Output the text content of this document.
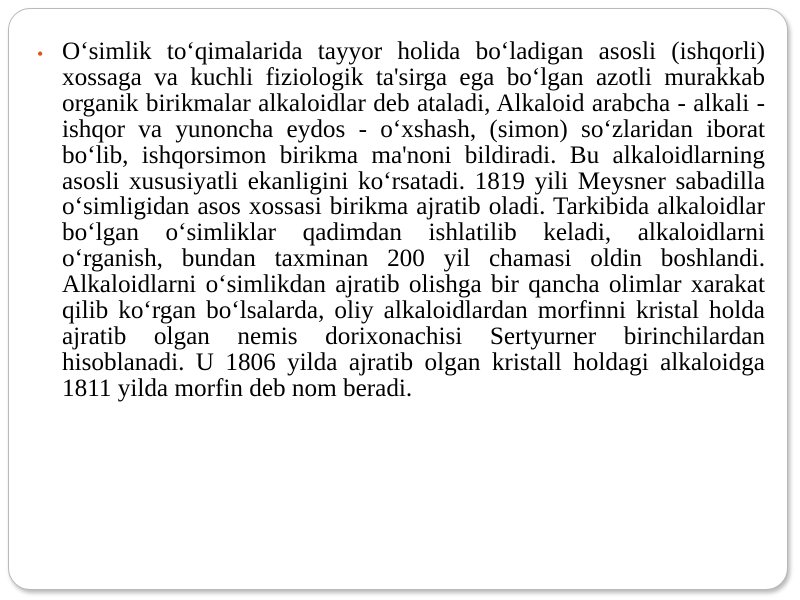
• O‘simlik to‘qimalarida tayyor holida bo‘ladigan asosli (ishqorli) xossaga va kuchli fiziologik ta'sirga ega bo‘lgan azotli murakkab organik birikmalar alkaloidlar deb ataladi, Alkaloid arabcha - alkali - ishqor va yunoncha eydos - o‘xshash, (simon) so‘zlaridan iborat bo‘lib, ishqorsimon birikma ma'noni bildiradi. Bu alkaloidlarning asosli xususiyatli ekanligini ko‘rsatadi. 1819 yili Meysner sabadilla o‘simligidan asos xossasi birikma ajratib oladi. Tarkibida alkaloidlar bo‘lgan o‘simliklar qadimdan ishlatilib keladi, alkaloidlarni o‘rganish, bundan taxminan 200 yil chamasi oldin boshlandi. Alkaloidlarni o‘simlikdan ajratib olishga bir qancha olimlar xarakat qilib ko‘rgan bo‘lsalarda, oliy alkaloidlardan morfinni kristal holda ajratib olgan nemis dorixonachisi Sertyurner birinchilardan hisoblanadi. U 1806 yilda ajratib olgan kristall holdagi alkaloidga 1811 yilda morfin deb nom beradi.
